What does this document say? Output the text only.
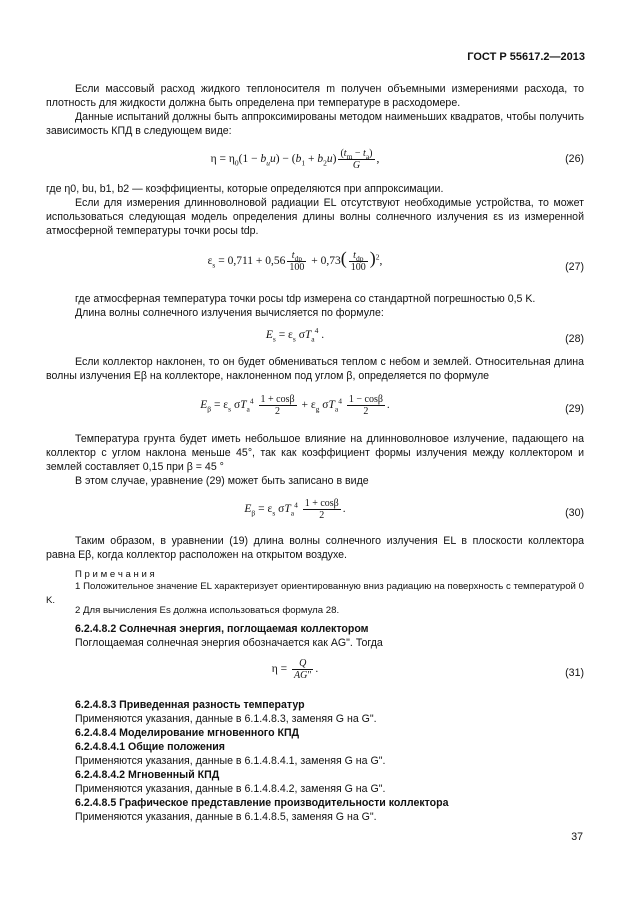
ГОСТ Р 55617.2—2013
Если массовый расход жидкого теплоносителя m получен объемными измерениями расхода, то плотность для жидкости должна быть определена при температуре в расходомере.
Данные испытаний должны быть аппроксимированы методом наименьших квадратов, чтобы получить зависимость КПД в следующем виде:
$\eta = \eta_0(1 - b_uu) - (b_1 + b_2u) \frac{(t_m - t_a)}{G}$ ,	(26)
где η0, bu, b1, b2 — коэффициенты, которые определяются при аппроксимации.
Если для измерения длинноволновой радиации EL отсутствуют необходимые устройства, то может использоваться следующая модель определения длины волны солнечного излучения εs из измеренной атмосферной температуры точки росы tdp.
$\varepsilon_s = 0,711 + 0,56 \frac{t_{dp}}{100} + 0,73( \frac{t_{dp}}{100} )^2$,	(27)
где атмосферная температура точки росы tdp измерена со стандартной погрешностью 0,5 K.
Длина волны солнечного излучения вычисляется по формуле:
$E_s = \varepsilon_s$ $\sigma T_a^4$ .	(28)
Если коллектор наклонен, то он будет обмениваться теплом с небом и землей. Относительная длина волны излучения Eβ на коллекторе, наклоненном под углом β, определяется по формуле
$E_\beta = \varepsilon_s$ $\sigma T_a^4 \frac{1 + \cos\beta}{2} + \varepsilon_g$ $\sigma T_a^4 \frac{1 - \cos\beta}{2}$ .	(29)
Температура грунта будет иметь небольшое влияние на длинноволновое излучение, падающего на коллектор с углом наклона меньше 45°, так как коэффициент формы излучения между коллектором и землей составляет 0,15 при β = 45 °
В этом случае, уравнение (29) может быть записано в виде
$E_\beta = \varepsilon_s$ $\sigma T_a^4 \frac{1 + \cos\beta}{2}$ .	(30)
Таким образом, в уравнении (19) длина волны солнечного излучения EL в плоскости коллектора равна Eβ, когда коллектор расположен на открытом воздухе.
П р и м е ч а н и я
1 Положительное значение EL характеризует ориентированную вниз радиацию на поверхность с температурой 0 K.
2 Для вычисления Es должна использоваться формула 28.
6.2.4.8.2 Солнечная энергия, поглощаемая коллектором
Поглощаемая солнечная энергия обозначается как AG". Тогда
$\eta = \frac{Q}{AG"}$ .	(31)
6.2.4.8.3 Приведенная разность температур
Применяются указания, данные в 6.1.4.8.3, заменяя G на G".
6.2.4.8.4 Моделирование мгновенного КПД
6.2.4.8.4.1 Общие положения
Применяются указания, данные в 6.1.4.8.4.1, заменяя G на G".
6.2.4.8.4.2 Мгновенный КПД
Применяются указания, данные в 6.1.4.8.4.2, заменяя G на G".
6.2.4.8.5 Графическое представление производительности коллектора
Применяются указания, данные в 6.1.4.8.5, заменяя G на G".
37
